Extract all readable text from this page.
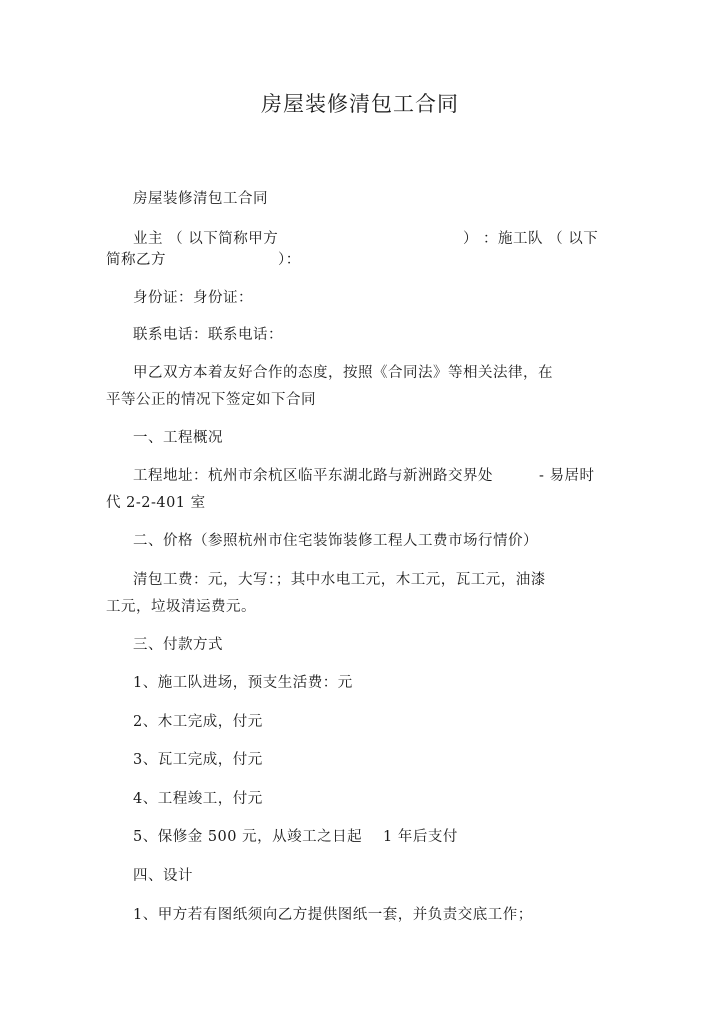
房屋装修清包工合同
房屋装修清包工合同
业主 （ 以下简称甲方	） ：施工队 （ 以下
简称乙方	）：
身份证：身份证：
联系电话：联系电话：
甲乙双方本着友好合作的态度，按照《合同法》等相关法律，在
平等公正的情况下签定如下合同
一、工程概况
工程地址：杭州市余杭区临平东湖北路与新洲路交界处	- 易居时
代 2-2-401 室
二、价格（参照杭州市住宅装饰装修工程人工费市场行情价）
清包工费：元，大写：；其中水电工元，木工元，瓦工元，油漆
工元，垃圾清运费元。
三、付款方式
1、施工队进场，预支生活费：元
2、木工完成，付元
3、瓦工完成，付元
4、工程竣工，付元
5、保修金 500 元，从竣工之日起 1 年后支付
四、设计
1、甲方若有图纸须向乙方提供图纸一套，并负责交底工作；
